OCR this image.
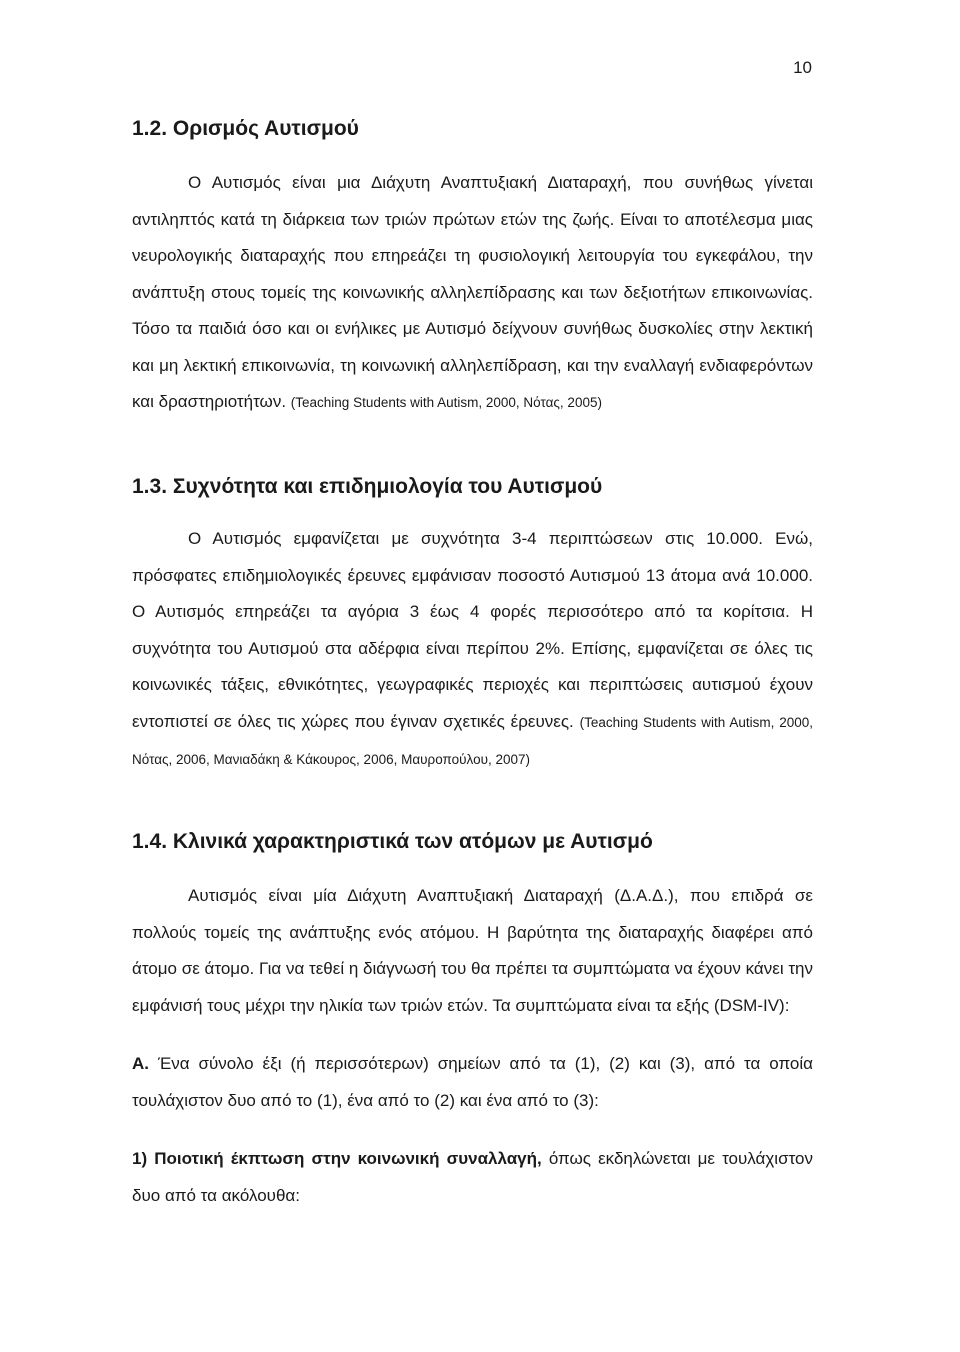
10
1.2. Ορισμός Αυτισμού

Ο Αυτισμός είναι μια Διάχυτη Αναπτυξιακή Διαταραχή, που συνήθως γίνεται αντιληπτός κατά τη διάρκεια των τριών πρώτων ετών της ζωής. Είναι το αποτέλεσμα μιας νευρολογικής διαταραχής που επηρεάζει τη φυσιολογική λειτουργία του εγκεφάλου, την ανάπτυξη στους τομείς της κοινωνικής αλληλεπίδρασης και των δεξιοτήτων επικοινωνίας. Τόσο τα παιδιά όσο και οι ενήλικες με Αυτισμό δείχνουν συνήθως δυσκολίες στην λεκτική και μη λεκτική επικοινωνία, τη κοινωνική αλληλεπίδραση, και την εναλλαγή ενδιαφερόντων και δραστηριοτήτων. (Teaching Students with Autism, 2000, Νότας, 2005)

1.3. Συχνότητα και επιδημιολογία του Αυτισμού

Ο Αυτισμός εμφανίζεται με συχνότητα 3-4 περιπτώσεων στις 10.000. Ενώ, πρόσφατες επιδημιολογικές έρευνες εμφάνισαν ποσοστό Αυτισμού 13 άτομα ανά 10.000. Ο Αυτισμός επηρεάζει τα αγόρια 3 έως 4 φορές περισσότερο από τα κορίτσια. Η συχνότητα του Αυτισμού στα αδέρφια είναι περίπου 2%. Επίσης, εμφανίζεται σε όλες τις κοινωνικές τάξεις, εθνικότητες, γεωγραφικές περιοχές και περιπτώσεις αυτισμού έχουν εντοπιστεί σε όλες τις χώρες που έγιναν σχετικές έρευνες. (Teaching Students with Autism, 2000, Νότας, 2006, Μανιαδάκη & Κάκουρος, 2006, Μαυροπούλου, 2007)

1.4. Κλινικά χαρακτηριστικά των ατόμων με Αυτισμό

Αυτισμός είναι μία Διάχυτη Αναπτυξιακή Διαταραχή (Δ.Α.Δ.), που επιδρά σε πολλούς τομείς της ανάπτυξης ενός ατόμου. Η βαρύτητα της διαταραχής διαφέρει από άτομο σε άτομο. Για να τεθεί η διάγνωσή του θα πρέπει τα συμπτώματα να έχουν κάνει την εμφάνισή τους μέχρι την ηλικία των τριών ετών. Τα συμπτώματα είναι τα εξής (DSM-IV):

Α. Ένα σύνολο έξι (ή περισσότερων) σημείων από τα (1), (2) και (3), από τα οποία τουλάχιστον δυο από το (1), ένα από το (2) και ένα από το (3):

1) Ποιοτική έκπτωση στην κοινωνική συναλλαγή, όπως εκδηλώνεται με τουλάχιστον δυο από τα ακόλουθα:
